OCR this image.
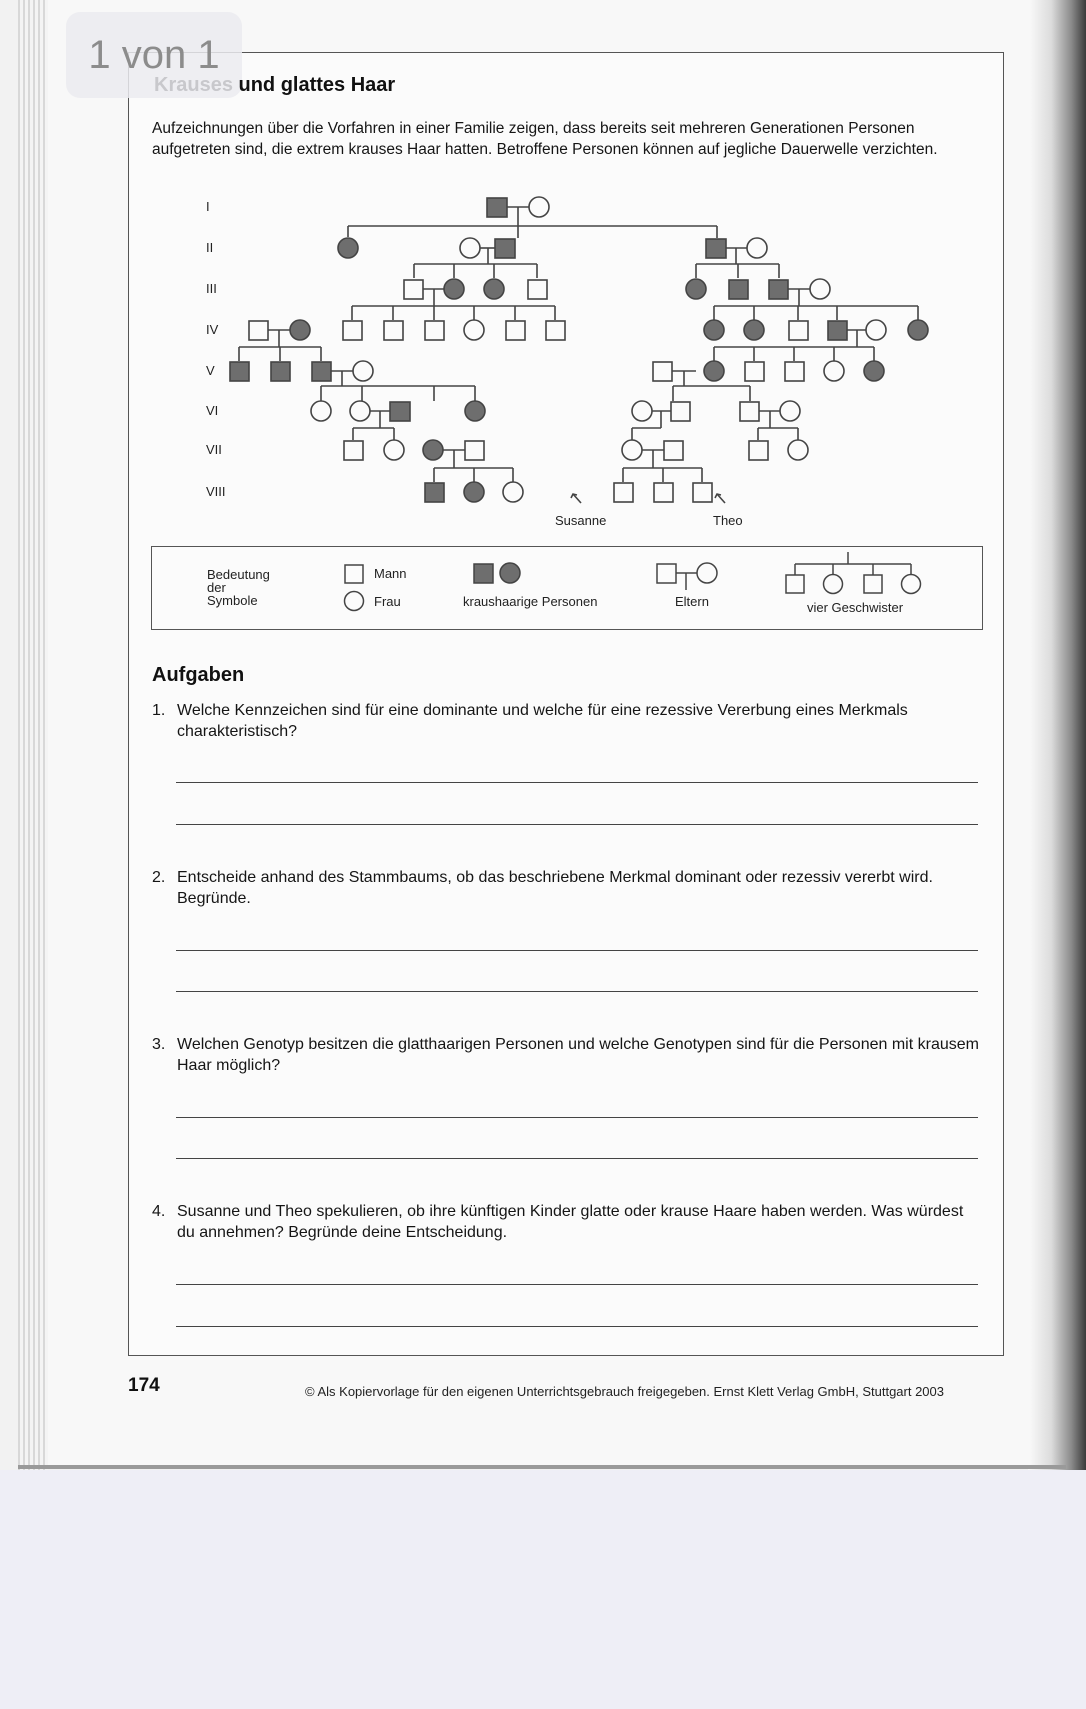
Krauses und glattes Haar
Aufzeichnungen über die Vorfahren in einer Familie zeigen, dass bereits seit mehreren Generationen Personen aufgetreten sind, die extrem krauses Haar hatten. Betroffene Personen können auf jegliche Dauerwelle verzichten.
I
II
III
IV
V
VI
VII
VIII
Susanne	Theo
Bedeutung
der
Symbole
Mann
Frau	kraushaarige Personen	Eltern	vier Geschwister
Aufgaben
1. Welche Kennzeichen sind für eine dominante und welche für eine rezessive Vererbung eines Merkmals charakteristisch?
2. Entscheide anhand des Stammbaums, ob das beschriebene Merkmal dominant oder rezessiv vererbt wird. Begründe.
3. Welchen Genotyp besitzen die glatthaarigen Personen und welche Genotypen sind für die Personen mit krausem Haar möglich?
4. Susanne und Theo spekulieren, ob ihre künftigen Kinder glatte oder krause Haare haben werden. Was würdest du annehmen? Begründe deine Entscheidung.
174	© Als Kopiervorlage für den eigenen Unterrichtsgebrauch freigegeben. Ernst Klett Verlag GmbH, Stuttgart 2003
1 von 1
